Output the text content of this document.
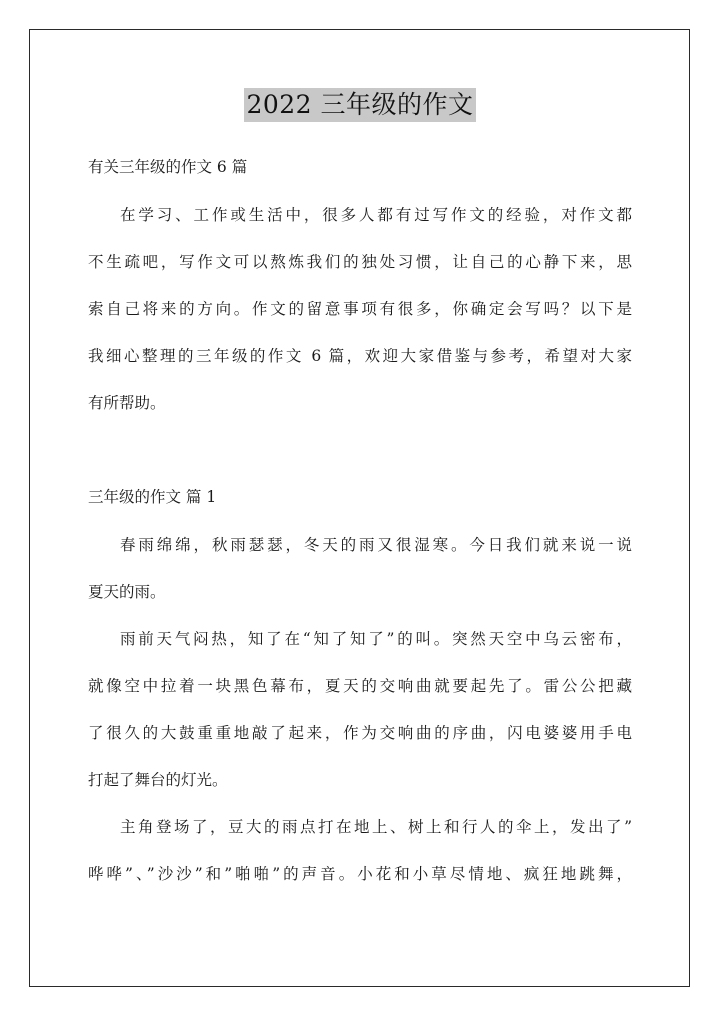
2022 三年级的作文
有关三年级的作文 6 篇
在学习、工作或生活中，很多人都有过写作文的经验，对作文都
不生疏吧，写作文可以熬炼我们的独处习惯，让自己的心静下来，思
索自己将来的方向。作文的留意事项有很多，你确定会写吗？以下是
我细心整理的三年级的作文 6 篇，欢迎大家借鉴与参考，希望对大家
有所帮助。
三年级的作文 篇 1
春雨绵绵，秋雨瑟瑟，冬天的雨又很湿寒。今日我们就来说一说
夏天的雨。
雨前天气闷热，知了在“知了知了”的叫。突然天空中乌云密布，
就像空中拉着一块黑色幕布，夏天的交响曲就要起先了。雷公公把藏
了很久的大鼓重重地敲了起来，作为交响曲的序曲，闪电婆婆用手电
打起了舞台的灯光。
主角登场了，豆大的雨点打在地上、树上和行人的伞上，发出了”
哗哗”、”沙沙”和”啪啪”的声音。小花和小草尽情地、疯狂地跳舞，
